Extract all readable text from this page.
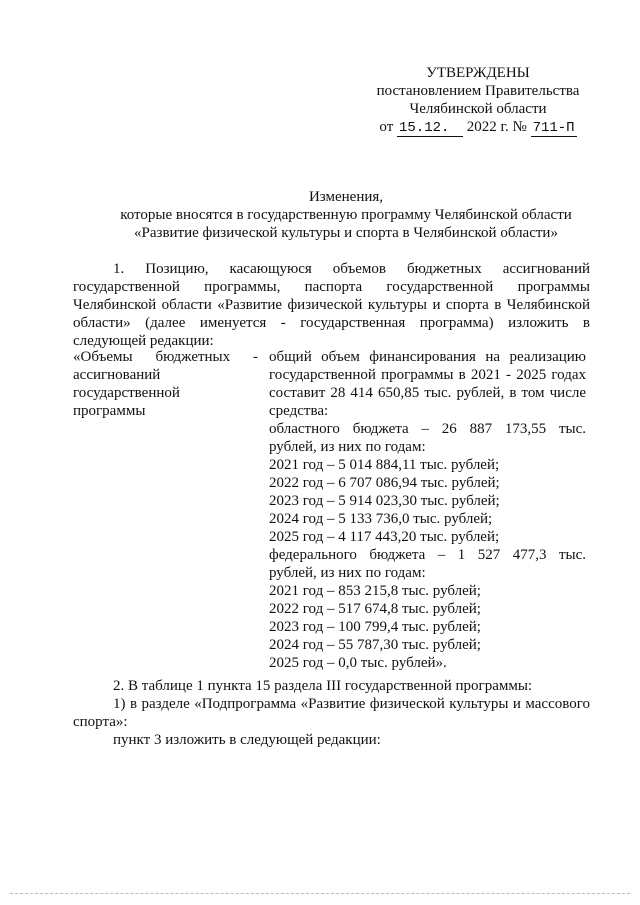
УТВЕРЖДЕНЫ
постановлением Правительства
Челябинской области
от 15.12. 2022 г. № 711-П
Изменения,
которые вносятся в государственную программу Челябинской области
«Развитие физической культуры и спорта в Челябинской области»
1. Позицию, касающуюся объемов бюджетных ассигнований
государственной программы, паспорта государственной программы
Челябинской области «Развитие физической культуры и спорта в Челябинской
области» (далее именуется - государственная программа) изложить в
следующей редакции:
«Объемы бюджетных -
ассигнований
государственной
программы
общий объем финансирования на реализацию
государственной программы в 2021 - 2025 годах
составит 28 414 650,85 тыс. рублей, в том числе
средства:
областного бюджета – 26 887 173,55 тыс.
рублей, из них по годам:
2021 год – 5 014 884,11 тыс. рублей;
2022 год – 6 707 086,94 тыс. рублей;
2023 год – 5 914 023,30 тыс. рублей;
2024 год – 5 133 736,0 тыс. рублей;
2025 год – 4 117 443,20 тыс. рублей;
федерального бюджета – 1 527 477,3 тыс.
рублей, из них по годам:
2021 год – 853 215,8 тыс. рублей;
2022 год – 517 674,8 тыс. рублей;
2023 год – 100 799,4 тыс. рублей;
2024 год – 55 787,30 тыс. рублей;
2025 год – 0,0 тыс. рублей».
2. В таблице 1 пункта 15 раздела III государственной программы:
1) в разделе «Подпрограмма «Развитие физической культуры и массового
спорта»:
пункт 3 изложить в следующей редакции:
